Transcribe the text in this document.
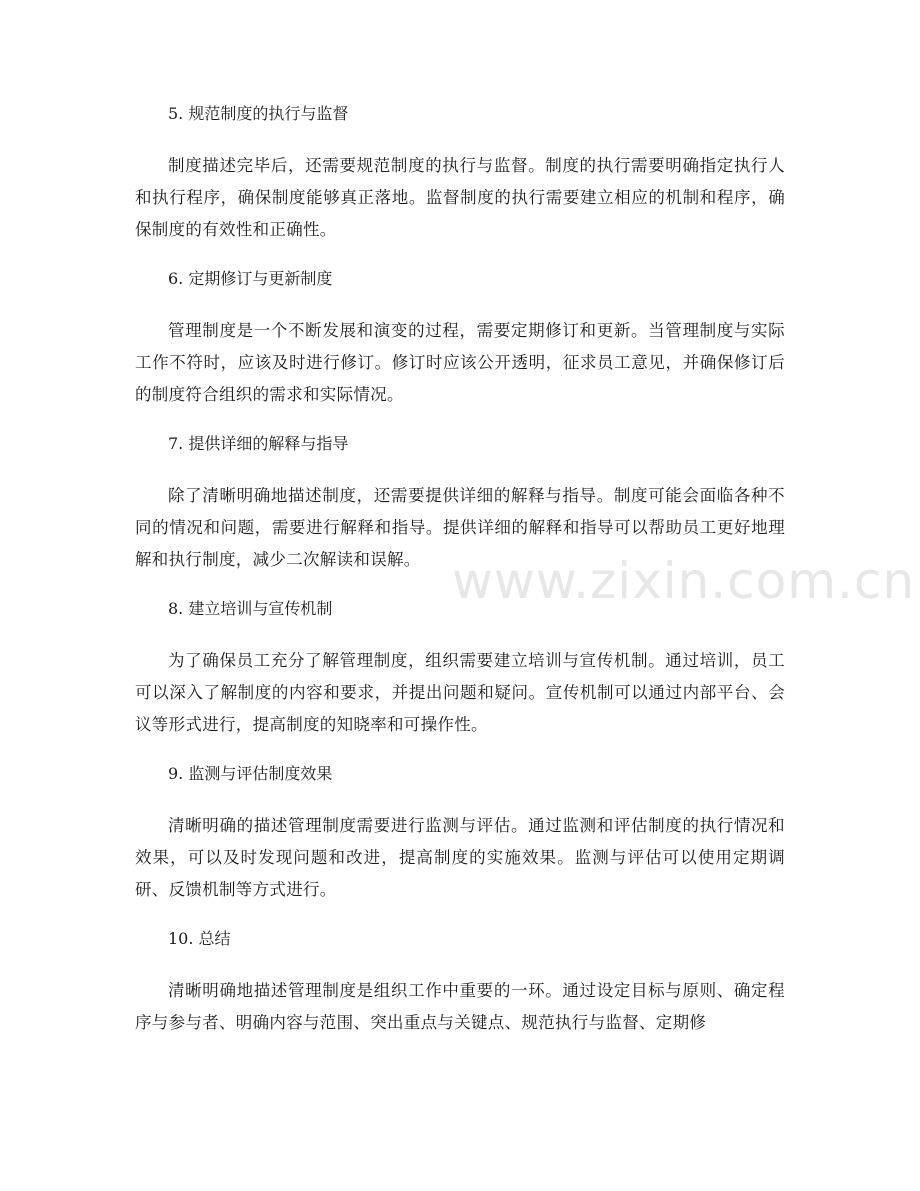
www.zixin.com.cn
5. 规范制度的执行与监督

制度描述完毕后，还需要规范制度的执行与监督。制度的执行需要明确指定执行人和执行程序，确保制度能够真正落地。监督制度的执行需要建立相应的机制和程序，确保制度的有效性和正确性。

6. 定期修订与更新制度

管理制度是一个不断发展和演变的过程，需要定期修订和更新。当管理制度与实际工作不符时，应该及时进行修订。修订时应该公开透明，征求员工意见，并确保修订后的制度符合组织的需求和实际情况。

7. 提供详细的解释与指导

除了清晰明确地描述制度，还需要提供详细的解释与指导。制度可能会面临各种不同的情况和问题，需要进行解释和指导。提供详细的解释和指导可以帮助员工更好地理解和执行制度，减少二次解读和误解。

8. 建立培训与宣传机制

为了确保员工充分了解管理制度，组织需要建立培训与宣传机制。通过培训，员工可以深入了解制度的内容和要求，并提出问题和疑问。宣传机制可以通过内部平台、会议等形式进行，提高制度的知晓率和可操作性。

9. 监测与评估制度效果

清晰明确的描述管理制度需要进行监测与评估。通过监测和评估制度的执行情况和效果，可以及时发现问题和改进，提高制度的实施效果。监测与评估可以使用定期调研、反馈机制等方式进行。

10. 总结

清晰明确地描述管理制度是组织工作中重要的一环。通过设定目标与原则、确定程序与参与者、明确内容与范围、突出重点与关键点、规范执行与监督、定期修
